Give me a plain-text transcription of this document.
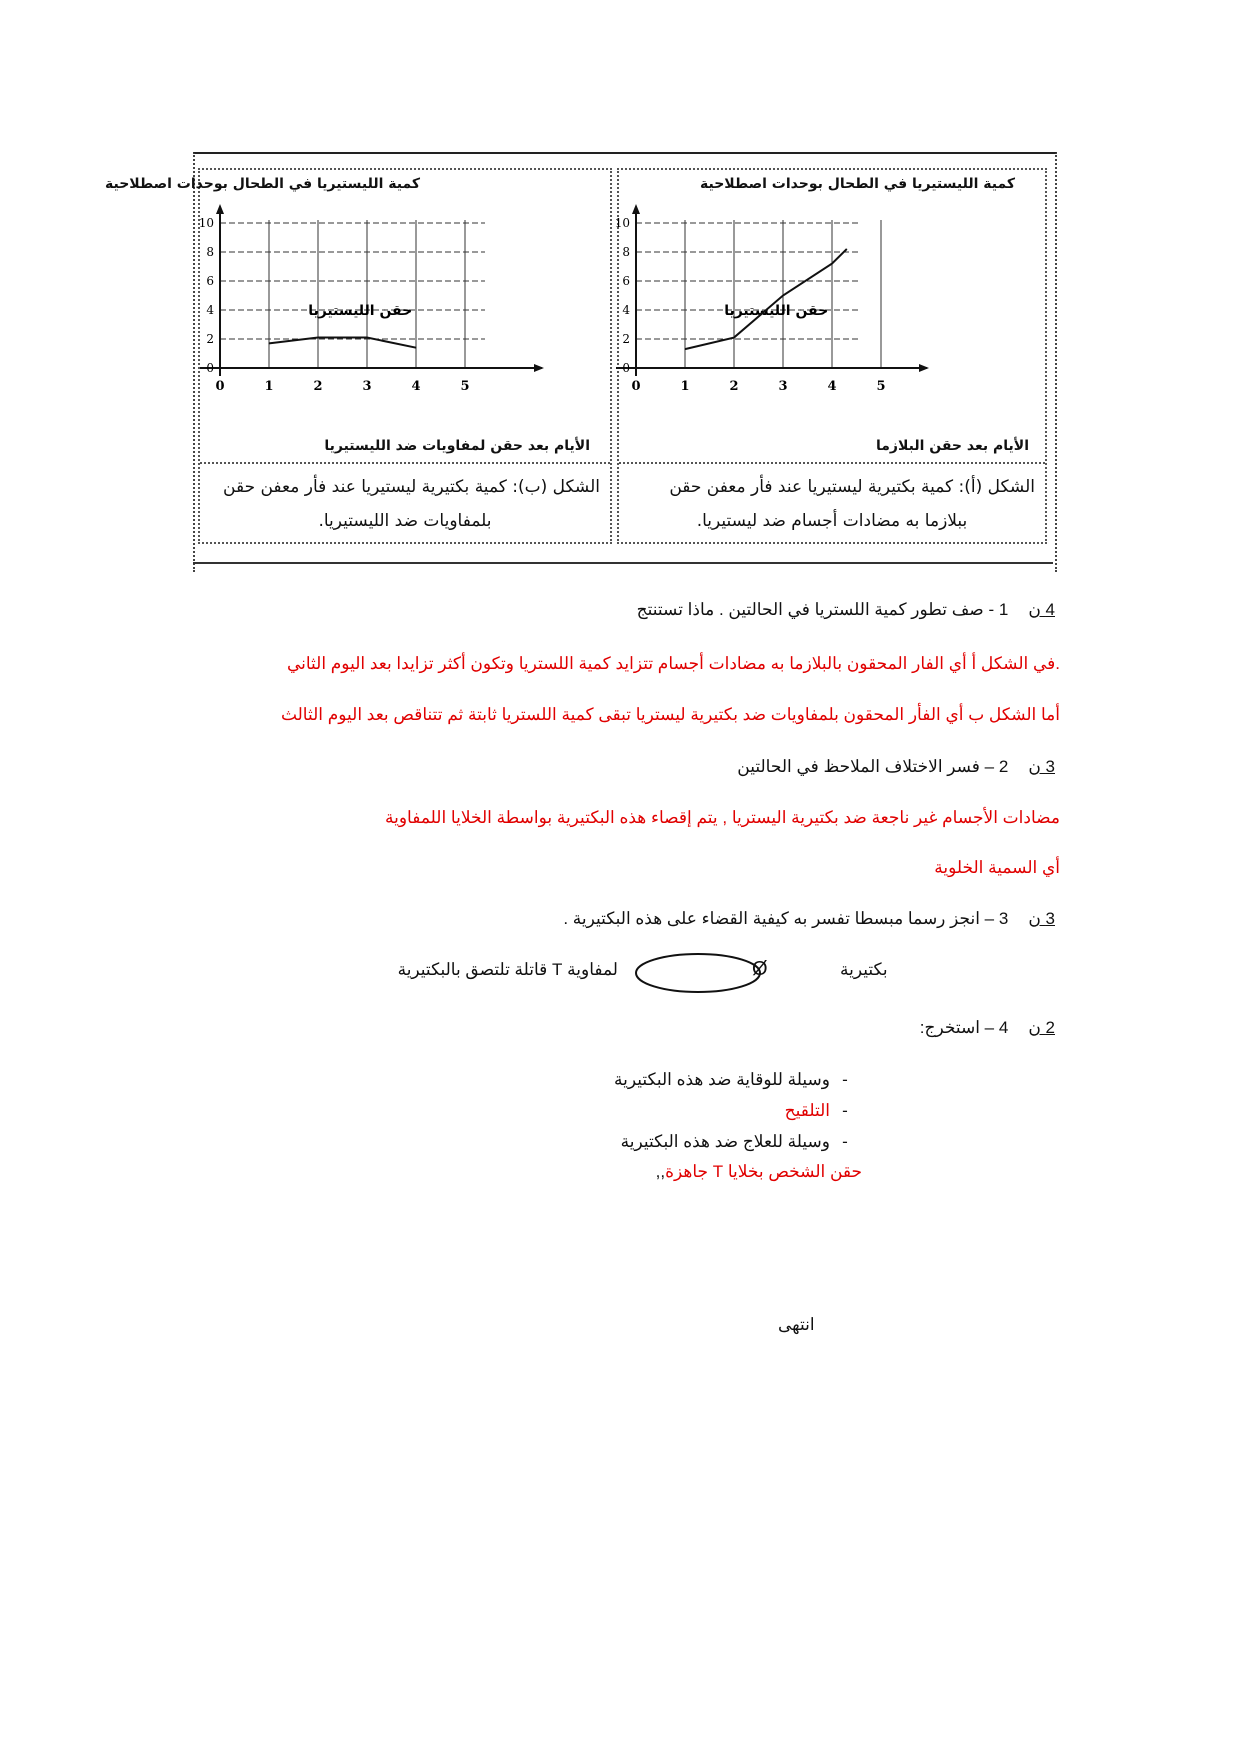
كمية الليستيريا في الطحال بوحدات اصطلاحية
0
2
4
6
8
10
0	1	2	3	4	5
حقن الليستيريا
الأيام بعد حقن لمفاويات ضد الليستيريا
الشكل (ب): كمية بكتيرية ليستيريا عند فأر معفن حقن
بلمفاويات ضد الليستيريا.
كمية الليستيريا في الطحال بوحدات اصطلاحية
0
2
4
6
8
10
0	1	2	3	4	5
حقن الليستيريا
الأيام بعد حقن البلازما
الشكل (أ): كمية بكتيرية ليستيريا عند فأر معفن حقن
ببلازما به مضادات أجسام ضد ليستيريا.
4 ن1 - صف تطور كمية اللستريا في الحالتين . ماذا تستنتج
.في الشكل أ أي الفار المحقون بالبلازما به مضادات أجسام تتزايد كمية اللستريا وتكون أكثر تزايدا بعد اليوم الثاني
أما الشكل ب أي الفأر المحقون بلمفاويات ضد بكتيرية ليستريا تبقى كمية اللستريا ثابتة ثم تتناقص بعد اليوم الثالث
3 ن2 – فسر الاختلاف الملاحظ في الحالتين
مضادات الأجسام غير ناجعة ضد بكتيرية اليستريا , يتم إقصاء هذه البكتيرية بواسطة الخلايا اللمفاوية
أي السمية الخلوية
3 ن3 – انجز رسما مبسطا تفسر به كيفية القضاء على هذه البكتيرية .
بكتيرية
Ø
لمفاوية T قاتلة تلتصق بالبكتيرية
2 ن4 – استخرج:
-وسيلة للوقاية ضد هذه البكتيرية
-التلقيح
-وسيلة للعلاج ضد هذه البكتيرية
حقن الشخص بخلايا T جاهزة,,
انتهى
